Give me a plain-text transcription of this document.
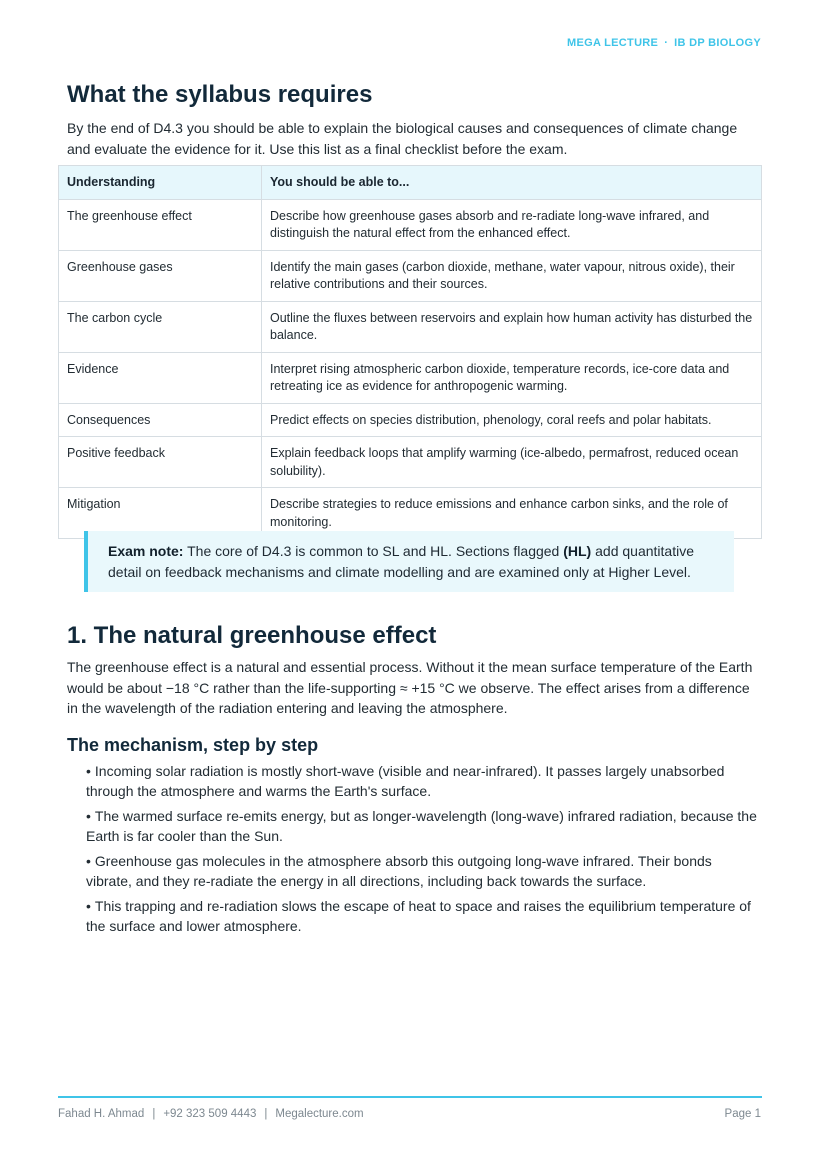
MEGA LECTURE · IB DP BIOLOGY
What the syllabus requires

By the end of D4.3 you should be able to explain the biological causes and consequences of climate change and evaluate the evidence for it. Use this list as a final checklist before the exam.

Understanding	You should be able to...
The greenhouse effect	Describe how greenhouse gases absorb and re-radiate long-wave infrared, and distinguish the natural effect from the enhanced effect.
Greenhouse gases	Identify the main gases (carbon dioxide, methane, water vapour, nitrous oxide), their relative contributions and their sources.
The carbon cycle	Outline the fluxes between reservoirs and explain how human activity has disturbed the balance.
Evidence	Interpret rising atmospheric carbon dioxide, temperature records, ice-core data and retreating ice as evidence for anthropogenic warming.
Consequences	Predict effects on species distribution, phenology, coral reefs and polar habitats.
Positive feedback	Explain feedback loops that amplify warming (ice-albedo, permafrost, reduced ocean solubility).
Mitigation	Describe strategies to reduce emissions and enhance carbon sinks, and the role of monitoring.
Exam note: The core of D4.3 is common to SL and HL. Sections flagged (HL) add quantitative detail on feedback mechanisms and climate modelling and are examined only at Higher Level.
1. The natural greenhouse effect

The greenhouse effect is a natural and essential process. Without it the mean surface temperature of the Earth would be about −18 °C rather than the life-supporting ≈ +15 °C we observe. The effect arises from a difference in the wavelength of the radiation entering and leaving the atmosphere.

The mechanism, step by step
• Incoming solar radiation is mostly short-wave (visible and near-infrared). It passes largely unabsorbed through the atmosphere and warms the Earth's surface.
• The warmed surface re-emits energy, but as longer-wavelength (long-wave) infrared radiation, because the Earth is far cooler than the Sun.
• Greenhouse gas molecules in the atmosphere absorb this outgoing long-wave infrared. Their bonds vibrate, and they re-radiate the energy in all directions, including back towards the surface.
• This trapping and re-radiation slows the escape of heat to space and raises the equilibrium temperature of the surface and lower atmosphere.
Fahad H. Ahmad | +92 323 509 4443 | Megalecture.com	Page 1
